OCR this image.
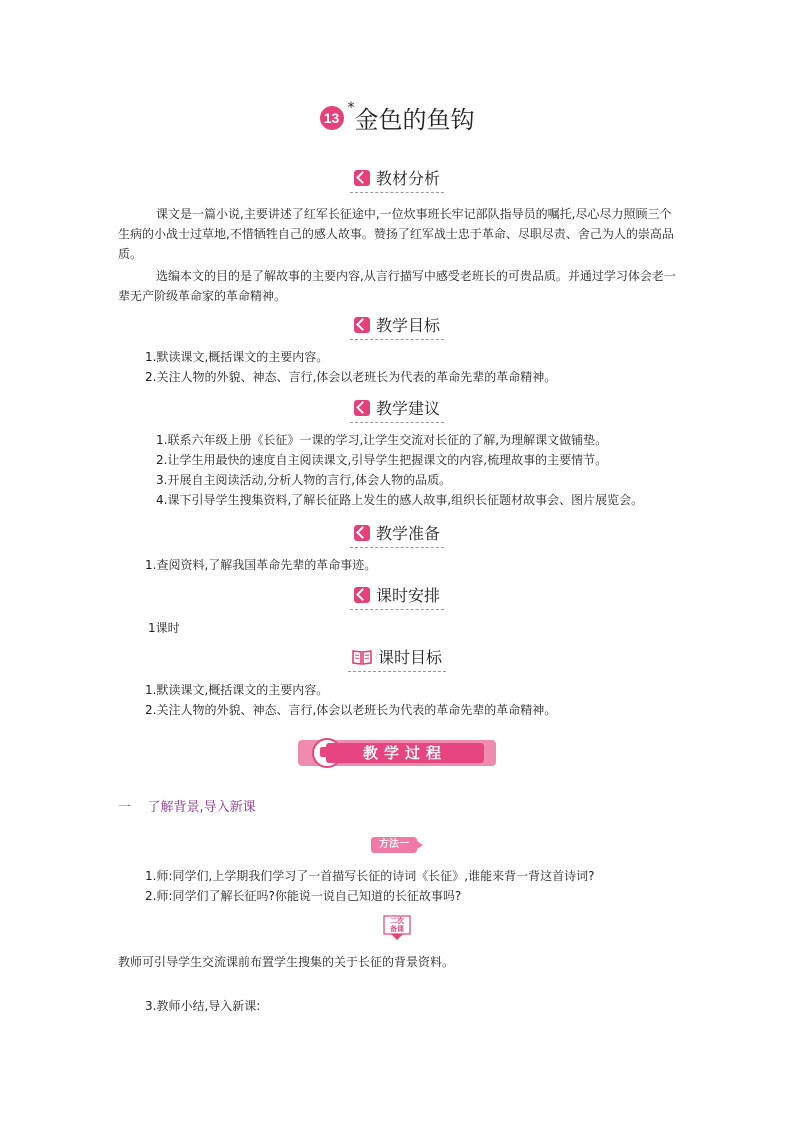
13*金色的鱼钩
教材分析
课文是一篇小说,主要讲述了红军长征途中,一位炊事班长牢记部队指导员的嘱托,尽心尽力照顾三个
生病的小战士过草地,不惜牺牲自己的感人故事。赞扬了红军战士忠于革命、尽职尽责、舍己为人的崇高品
质。
选编本文的目的是了解故事的主要内容,从言行描写中感受老班长的可贵品质。并通过学习体会老一
辈无产阶级革命家的革命精神。
教学目标
1.默读课文,概括课文的主要内容。
2.关注人物的外貌、神态、言行,体会以老班长为代表的革命先辈的革命精神。
教学建议
1.联系六年级上册《长征》一课的学习,让学生交流对长征的了解,为理解课文做铺垫。
2.让学生用最快的速度自主阅读课文,引导学生把握课文的内容,梳理故事的主要情节。
3.开展自主阅读活动,分析人物的言行,体会人物的品质。
4.课下引导学生搜集资料,了解长征路上发生的感人故事,组织长征题材故事会、图片展览会。
教学准备
1.查阅资料,了解我国革命先辈的革命事迹。
课时安排
1课时
课时目标
1.默读课文,概括课文的主要内容。
2.关注人物的外貌、神态、言行,体会以老班长为代表的革命先辈的革命精神。
教学过程
一    了解背景,导入新课
方法一
1.师:同学们,上学期我们学习了一首描写长征的诗词《长征》,谁能来背一背这首诗词?
2.师:同学们了解长征吗?你能说一说自己知道的长征故事吗?
二次
备课
教师可引导学生交流课前布置学生搜集的关于长征的背景资料。
3.教师小结,导入新课:
